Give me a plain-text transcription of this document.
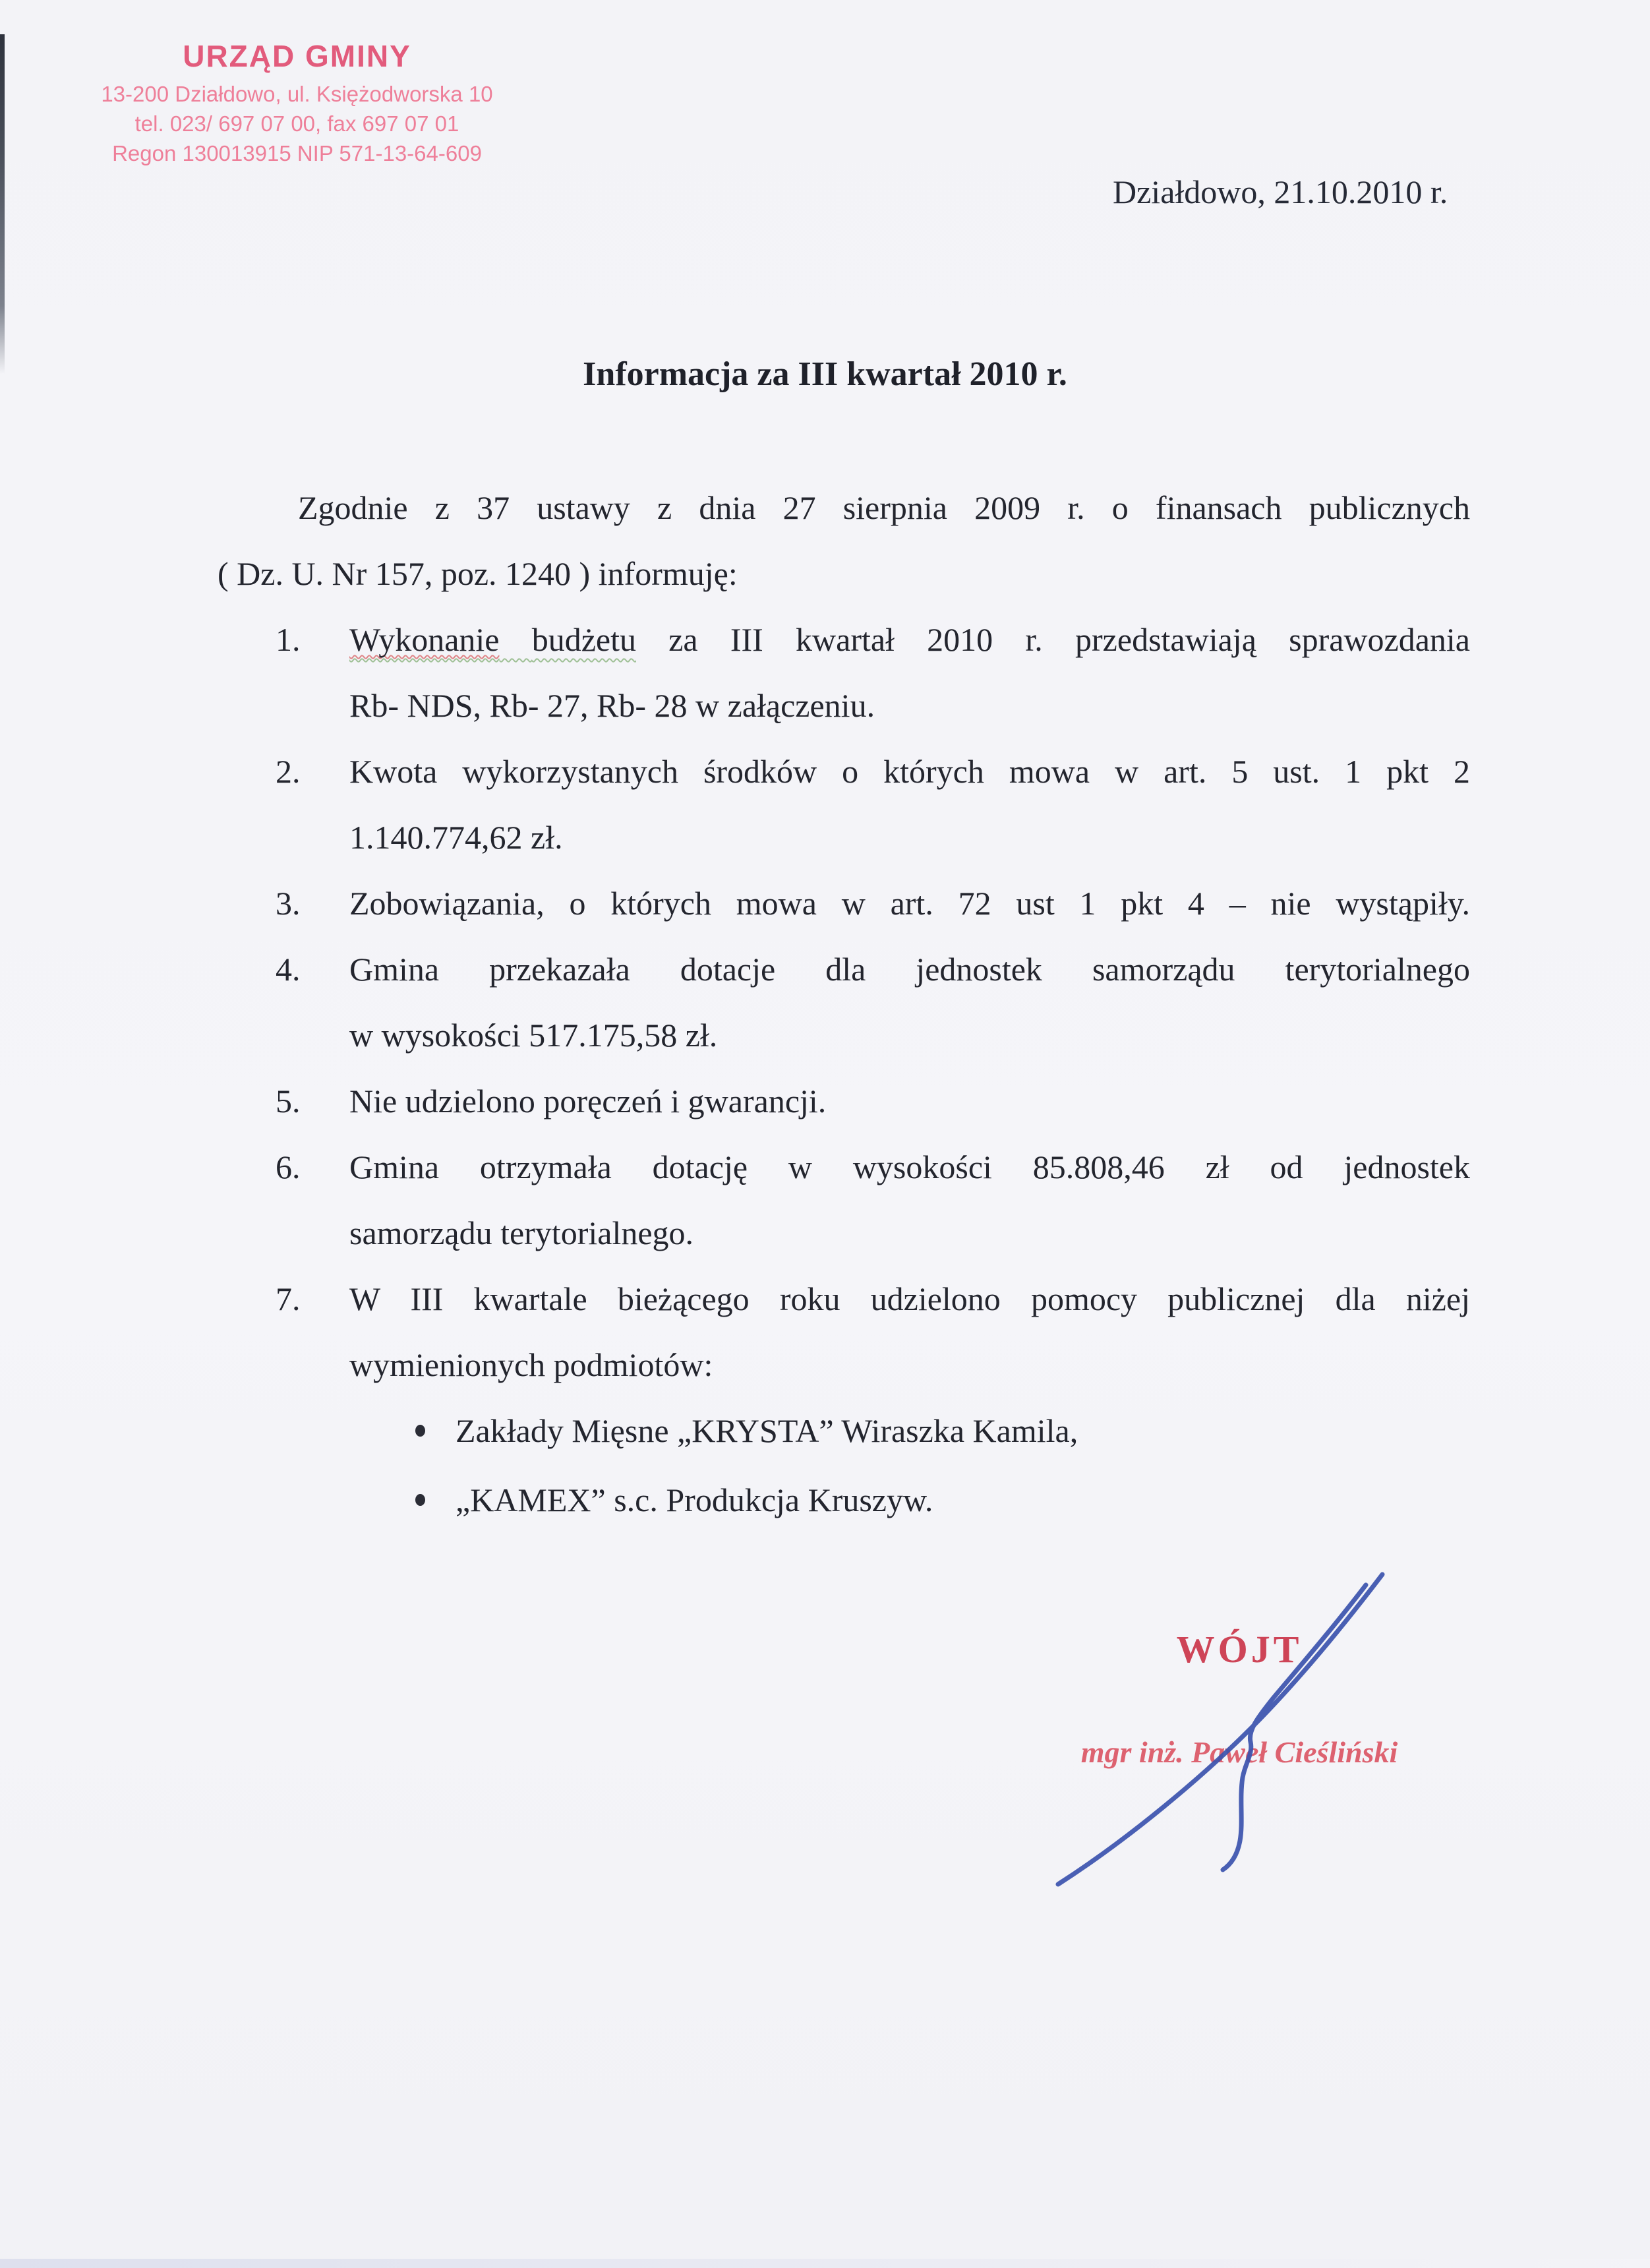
URZĄD GMINY
13-200 Działdowo, ul. Księżodworska 10
tel. 023/ 697 07 00, fax 697 07 01
Regon 130013915 NIP 571-13-64-609
Działdowo, 21.10.2010 r.
Informacja za III kwartał 2010 r.
Zgodnie z 37 ustawy z dnia 27 sierpnia 2009 r. o finansach publicznych
( Dz. U. Nr 157, poz. 1240 ) informuję:
1.	Wykonanie budżetu za III kwartał 2010 r. przedstawiają sprawozdania
Rb- NDS, Rb- 27, Rb- 28 w załączeniu.
2.	Kwota wykorzystanych środków o których mowa w art. 5 ust. 1 pkt 2
1.140.774,62 zł.
3.	Zobowiązania, o których mowa w art. 72 ust 1 pkt 4 – nie wystąpiły.
4.	Gmina przekazała dotacje dla jednostek samorządu terytorialnego
w wysokości 517.175,58 zł.
5.	Nie udzielono poręczeń i gwarancji.
6.	Gmina otrzymała dotację w wysokości 85.808,46 zł od jednostek
samorządu terytorialnego.
7.	W III kwartale bieżącego roku udzielono pomocy publicznej dla niżej
wymienionych podmiotów:
Zakłady Mięsne „KRYSTA” Wiraszka Kamila,
„KAMEX” s.c. Produkcja Kruszyw.
WÓJT
mgr inż. Paweł Cieśliński
